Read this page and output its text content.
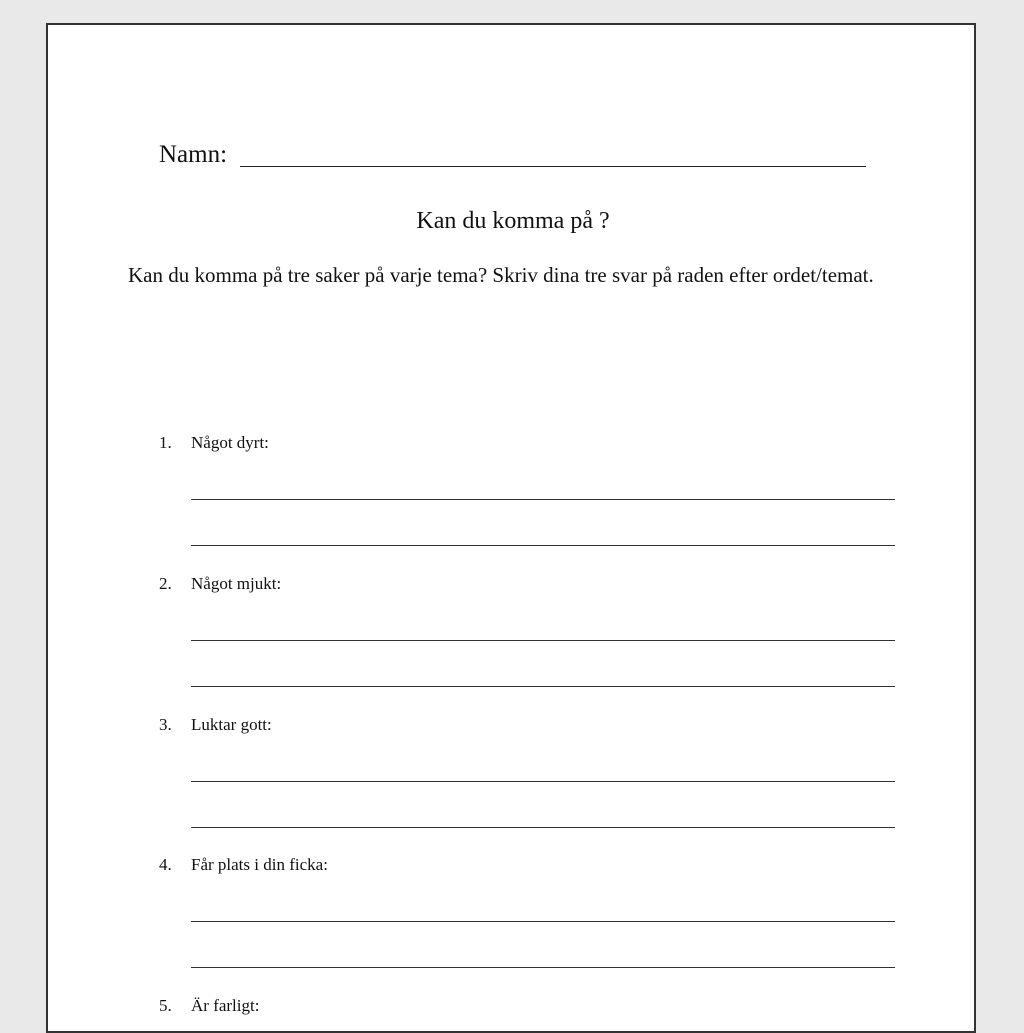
Namn:
Kan du komma på ?
Kan du komma på tre saker på varje tema? Skriv dina tre svar på raden efter ordet/temat.
1. Något dyrt:
2. Något mjukt:
3. Luktar gott:
4. Får plats i din ficka:
5. Är farligt:
